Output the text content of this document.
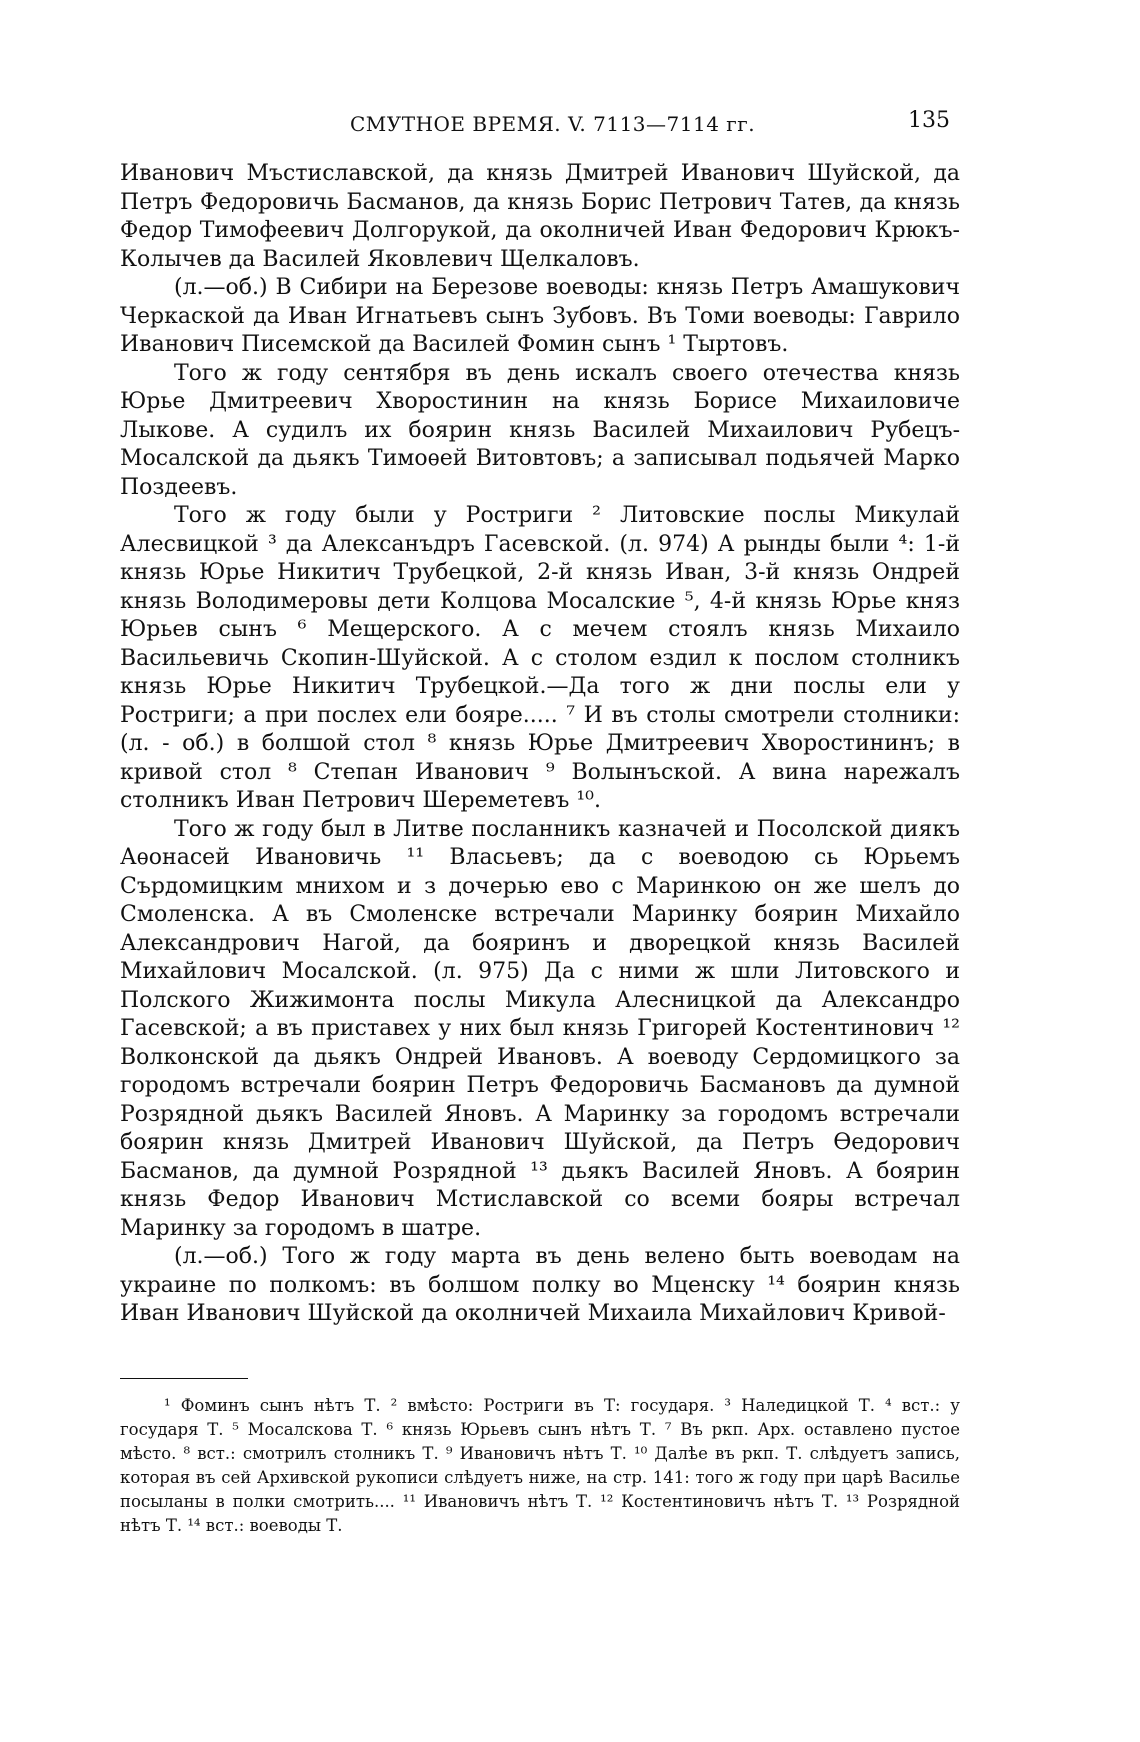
СМУТНОЕ ВРЕМЯ. V. 7113—7114 гг.	135

Иванович Мъстиславской, да князь Дмитрей Иванович Шуйской, да Петръ Федоровичь Басманов, да князь Борис Петрович Татев, да князь Федор Тимофеевич Долгорукой, да околничей Иван Федорович Крюкъ-Колычев да Василей Яковлевич Щелкаловъ.

(л.—об.) В Сибири на Березове воеводы: князь Петръ Амашукович Черкаской да Иван Игнатьевъ сынъ Зубовъ. Въ Томи воеводы: Гаврило Иванович Писемской да Василей Фомин сынъ ¹ Тыртовъ.

Того ж году сентября въ день искалъ своего отечества князь Юрье Дмитреевич Хворостинин на князь Борисе Михаиловиче Лыкове. А судилъ их боярин князь Василей Михаилович Рубецъ-Мосалской да дьякъ Тимоѳей Витовтовъ; а записывал подьячей Марко Поздеевъ.

Того ж году были у Ростриги ² Литовские послы Микулай Алесвицкой ³ да Алексанъдръ Гасевской. (л. 974) А рынды были ⁴: 1-й князь Юрье Никитич Трубецкой, 2-й князь Иван, 3-й князь Ондрей князь Володимеровы дети Колцова Мосалские ⁵, 4-й князь Юрье княз Юрьев сынъ ⁶ Мещерского. А с мечем стоялъ князь Михаило Васильевичь Скопин-Шуйской. А с столом ездил к послом столникъ князь Юрье Никитич Трубецкой.—Да того ж дни послы ели у Ростриги; а при послех ели бояре..... ⁷ И въ столы смотрели столники: (л. - об.) в болшой стол ⁸ князь Юрье Дмитреевич Хворостининъ; в кривой стол ⁸ Степан Иванович ⁹ Волынъской. А вина нарежалъ столникъ Иван Петрович Шереметевъ ¹⁰.

Того ж году был в Литве посланникъ казначей и Посолской диякъ Аѳонасей Ивановичь ¹¹ Власьевъ; да с воеводою сь Юрьемъ Сърдомицким мнихом и з дочерью ево с Маринкою он же шелъ до Смоленска. А въ Смоленске встречали Маринку боярин Михайло Александрович Нагой, да бояринъ и дворецкой князь Василей Михайлович Мосалской. (л. 975) Да с ними ж шли Литовского и Полского Жижимонта послы Микула Алесницкой да Александро Гасевской; а въ приставех у них был князь Григорей Костентинович ¹² Волконской да дьякъ Ондрей Ивановъ. А воеводу Сердомицкого за городомъ встречали боярин Петръ Федоровичь Басмановъ да думной Розрядной дьякъ Василей Яновъ. А Маринку за городомъ встречали боярин князь Дмитрей Иванович Шуйской, да Петръ Ѳедорович Басманов, да думной Розрядной ¹³ дьякъ Василей Яновъ. А боярин князь Федор Иванович Мстиславской со всеми бояры встречал Маринку за городомъ в шатре.

(л.—об.) Того ж году марта въ день велено быть воеводам на украине по полкомъ: въ болшом полку во Мценску ¹⁴ боярин князь Иван Иванович Шуйской да околничей Михаила Михайлович Кривой-

¹ Фоминъ сынъ нѣтъ Т. ² вмѣсто: Ростриги въ Т: государя. ³ Наледицкой Т. ⁴ вст.: у государя Т. ⁵ Мосалскова Т. ⁶ князь Юрьевъ сынъ нѣтъ Т. ⁷ Въ ркп. Арх. оставлено пустое мѣсто. ⁸ вст.: смотрилъ столникъ Т. ⁹ Ивановичъ нѣтъ Т. ¹⁰ Далѣе въ ркп. Т. слѣдуетъ запись, которая въ сей Архивской рукописи слѣдуетъ ниже, на стр. 141: того ж году при царѣ Василье посыланы в полки смотрить.... ¹¹ Ивановичъ нѣтъ Т. ¹² Костентиновичъ нѣтъ Т. ¹³ Розрядной нѣтъ Т. ¹⁴ вст.: воеводы Т.
